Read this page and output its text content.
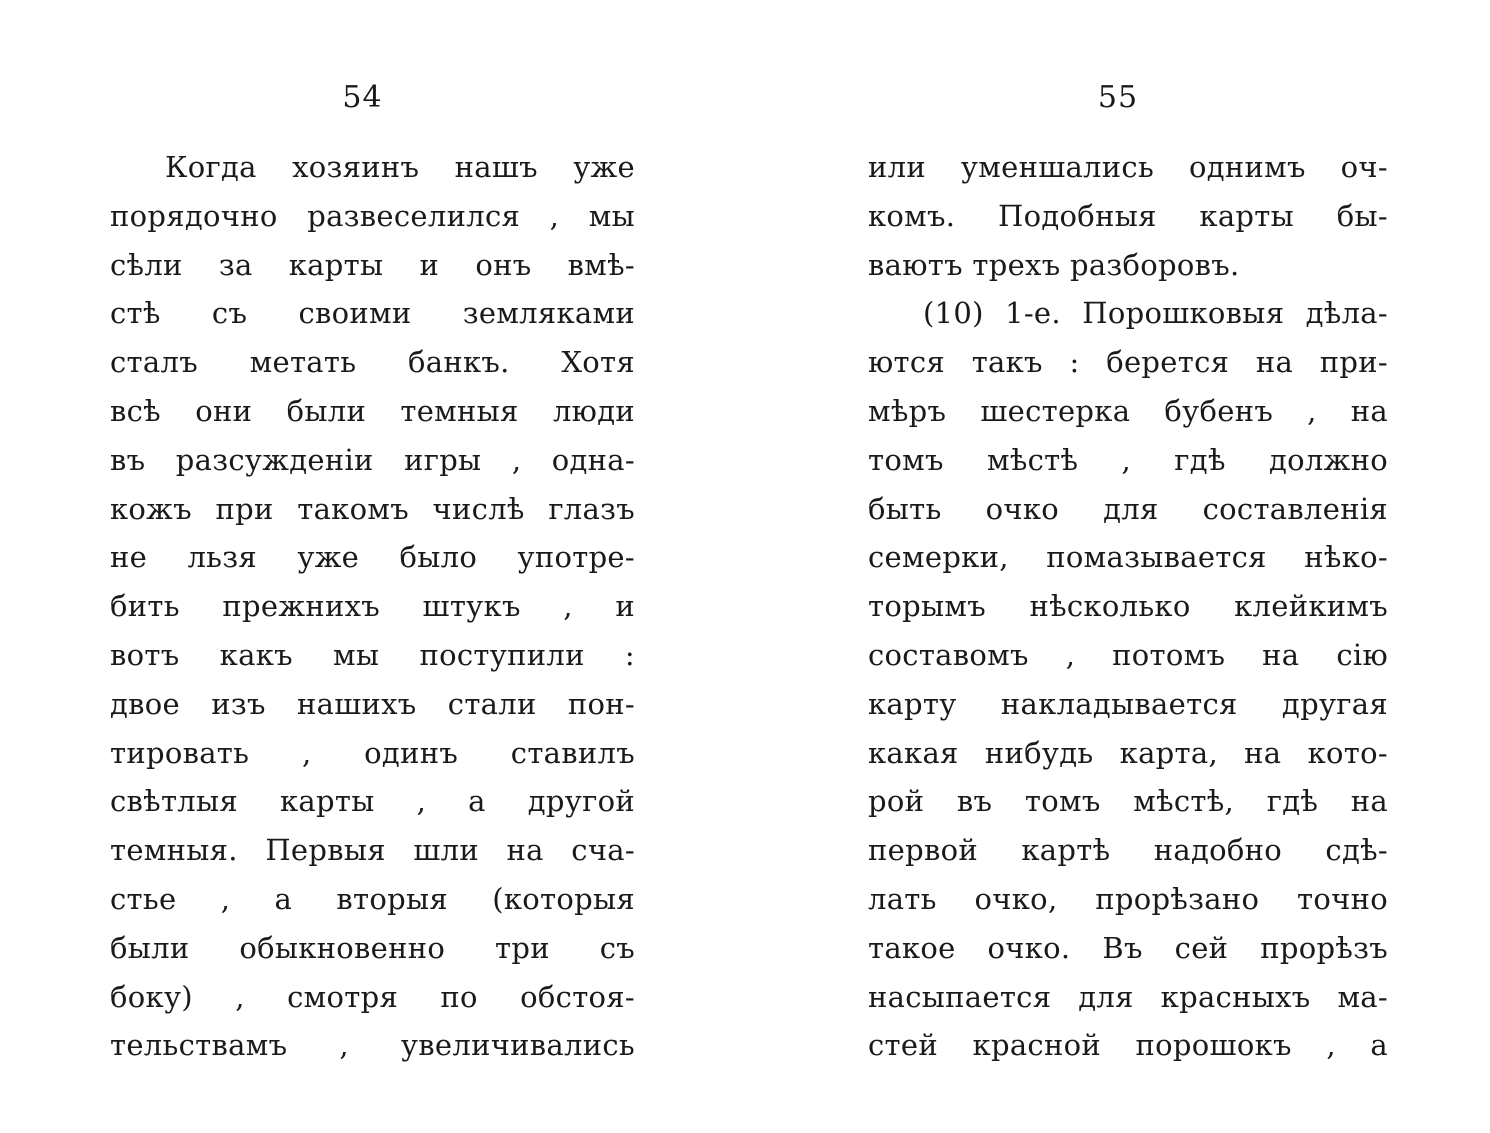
54
Когда хозяинъ нашъ уже
порядочно развеселился , мы
сѣли за карты и онъ вмѣ-
стѣ съ своими земляками
сталъ метать банкъ. Хотя
всѣ они были темныя люди
въ разсужденіи игры , одна-
кожъ при такомъ числѣ глазъ
не льзя уже было употре-
бить прежнихъ штукъ , и
вотъ какъ мы поступили :
двое изъ нашихъ стали пон-
тировать , одинъ ставилъ
свѣтлыя карты , а другой
темныя. Первыя шли на сча-
стье , а вторыя (которыя
были обыкновенно три съ
боку) , смотря по обстоя-
тельствамъ , увеличивались
55
или уменшались однимъ оч-
комъ. Подобныя карты бы-
ваютъ трехъ разборовъ.
(10) 1-е. Порошковыя дѣла-
ются такъ : берется на при-
мѣръ шестерка бубенъ , на
томъ мѣстѣ , гдѣ должно
быть очко для составленія
семерки, помазывается нѣко-
торымъ нѣсколько клейкимъ
составомъ , потомъ на сію
карту накладывается другая
какая нибудь карта, на кото-
рой въ томъ мѣстѣ, гдѣ на
первой картѣ надобно сдѣ-
лать очко, прорѣзано точно
такое очко. Въ сей прорѣзъ
насыпается для красныхъ ма-
стей красной порошокъ , а
